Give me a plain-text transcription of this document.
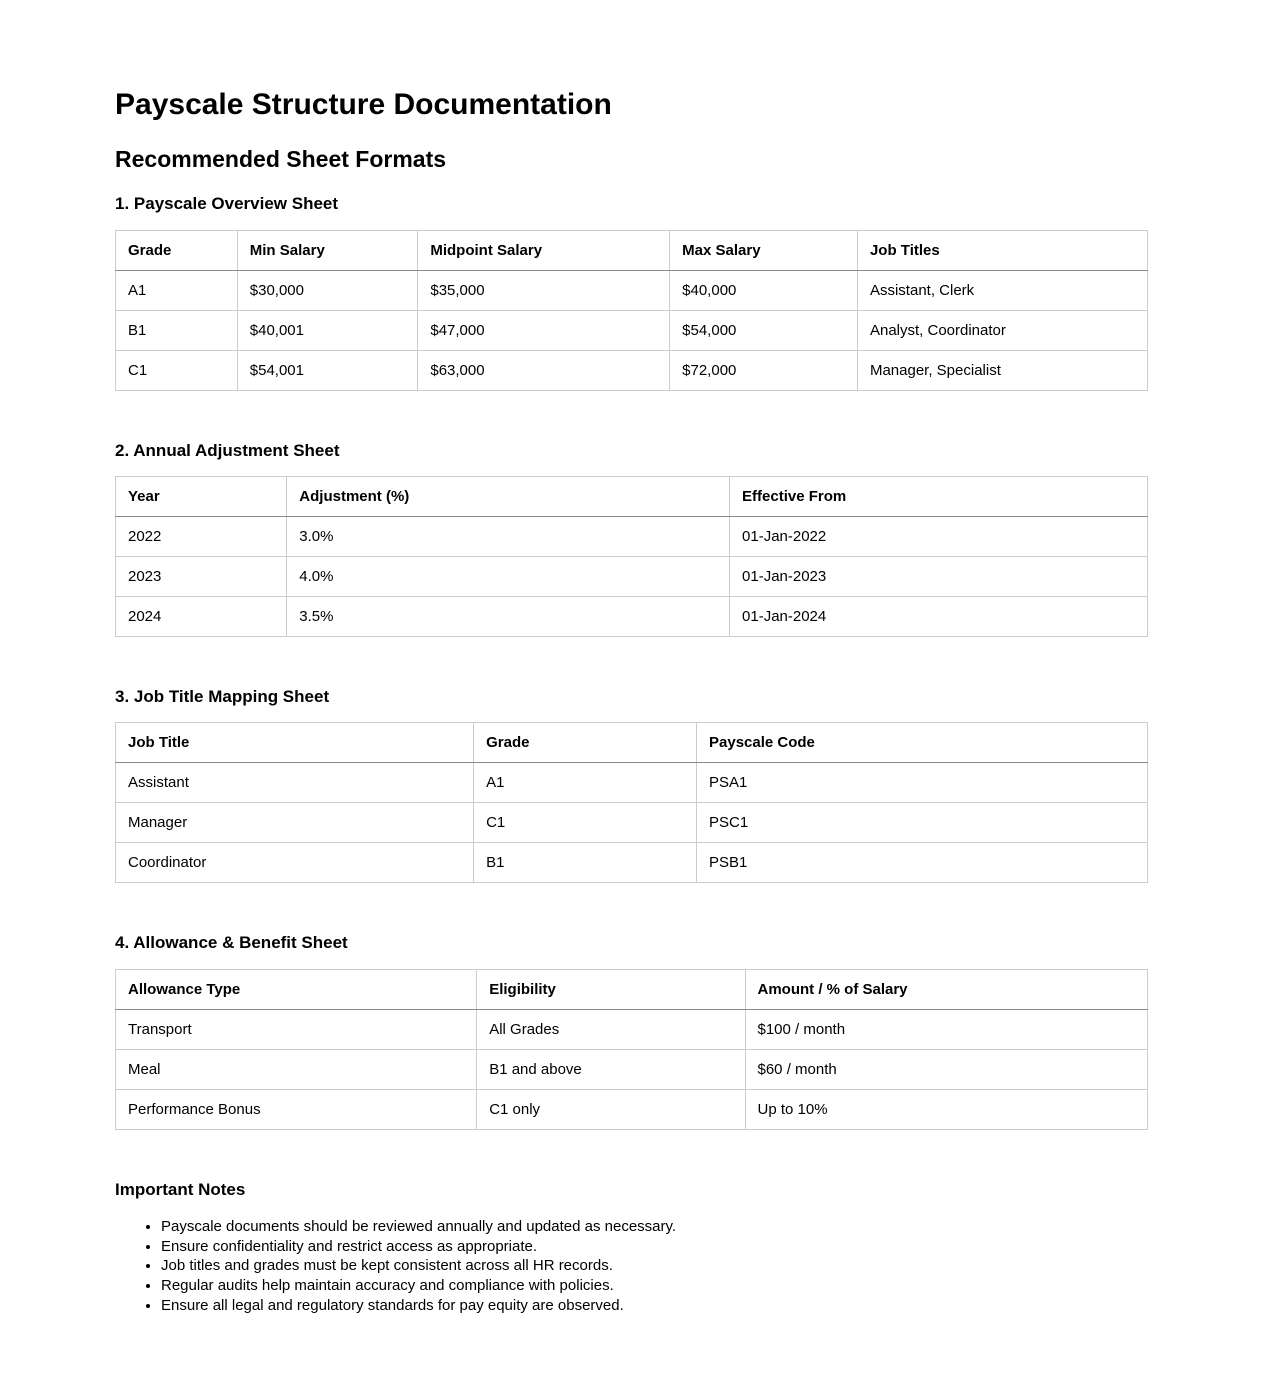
Payscale Structure Documentation
Recommended Sheet Formats
1. Payscale Overview Sheet
Grade	Min Salary	Midpoint Salary	Max Salary	Job Titles
A1	$30,000	$35,000	$40,000	Assistant, Clerk
B1	$40,001	$47,000	$54,000	Analyst, Coordinator
C1	$54,001	$63,000	$72,000	Manager, Specialist
2. Annual Adjustment Sheet
Year	Adjustment (%)	Effective From
2022	3.0%	01-Jan-2022
2023	4.0%	01-Jan-2023
2024	3.5%	01-Jan-2024
3. Job Title Mapping Sheet
Job Title	Grade	Payscale Code
Assistant	A1	PSA1
Manager	C1	PSC1
Coordinator	B1	PSB1
4. Allowance & Benefit Sheet
Allowance Type	Eligibility	Amount / % of Salary
Transport	All Grades	$100 / month
Meal	B1 and above	$60 / month
Performance Bonus	C1 only	Up to 10%
Important Notes
• Payscale documents should be reviewed annually and updated as necessary.
• Ensure confidentiality and restrict access as appropriate.
• Job titles and grades must be kept consistent across all HR records.
• Regular audits help maintain accuracy and compliance with policies.
• Ensure all legal and regulatory standards for pay equity are observed.
